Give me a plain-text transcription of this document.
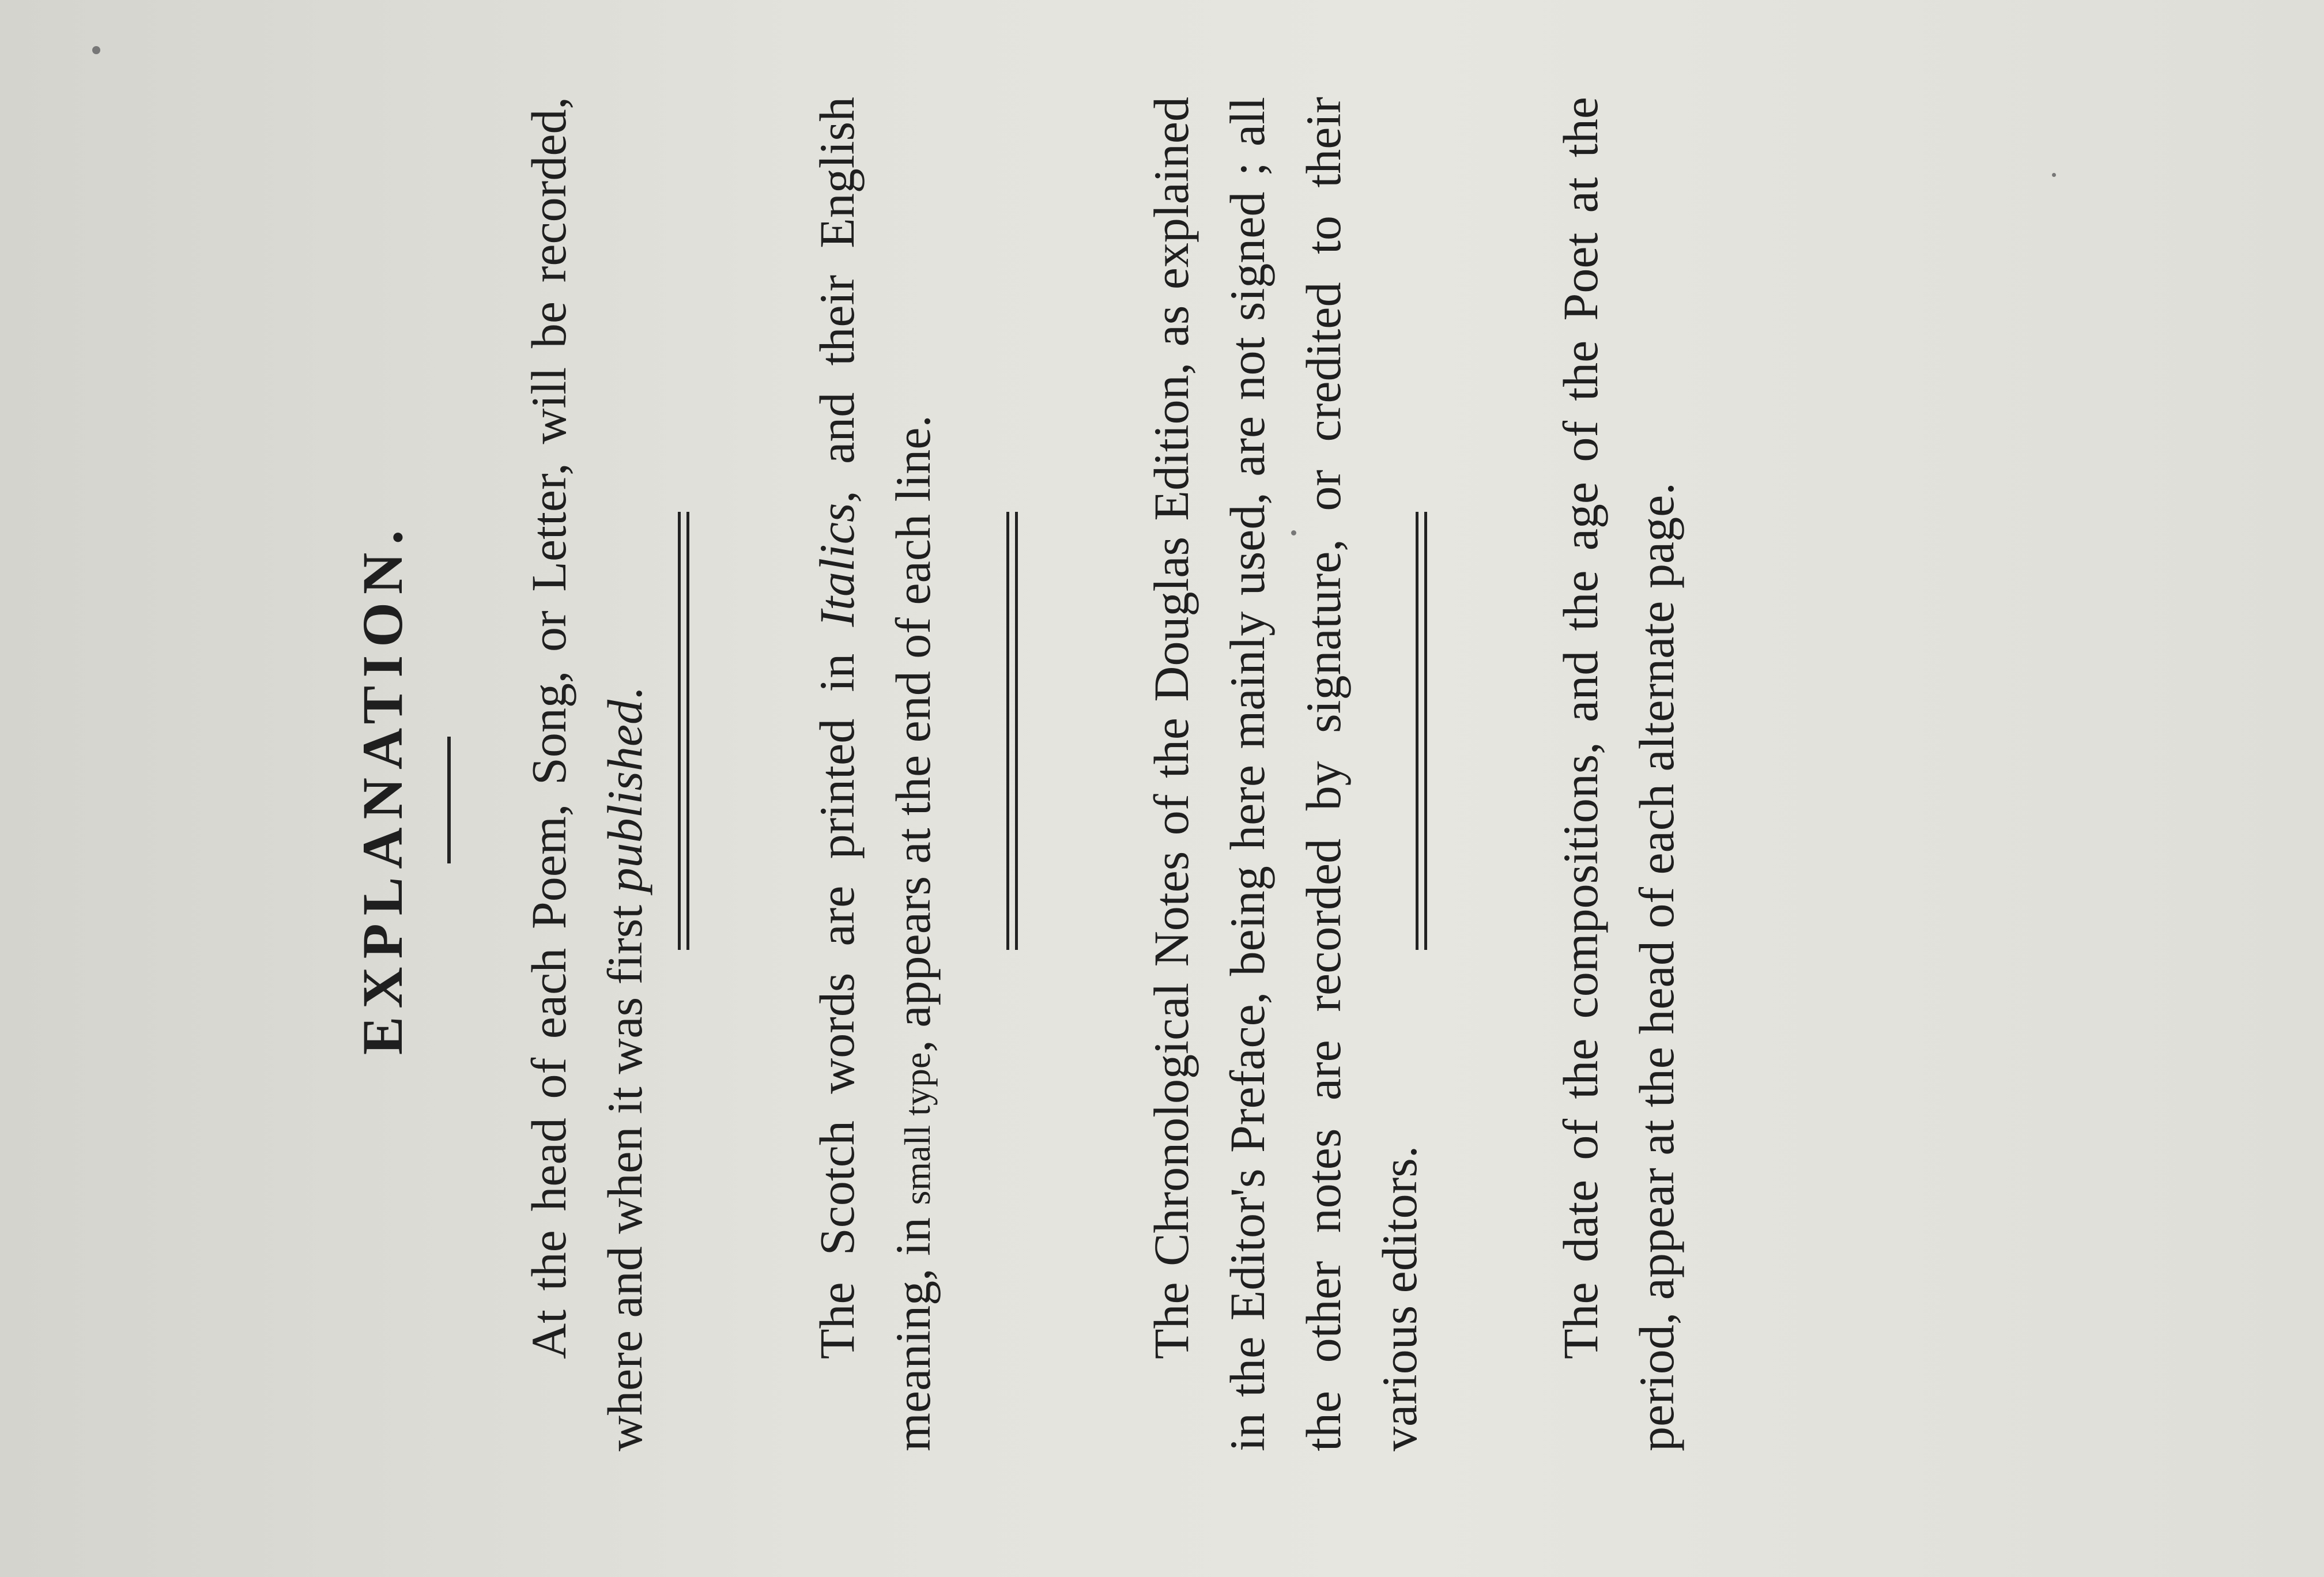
EXPLANATION. At the head of each Poem, Song, or Letter, will be recorded, where and when it was first published.	The Scotch words are printed in Italics, and their English meaning, in small type, appears at the end of each line.	The Chronological Notes of the Douglas Edition, as explained in the Editor's Preface, being here mainly used, are not signed ; all the other notes are recorded by signature, or credited to their various editors.	The date of the compositions, and the age of the Poet at the period, appear at the head of each alternate page.
